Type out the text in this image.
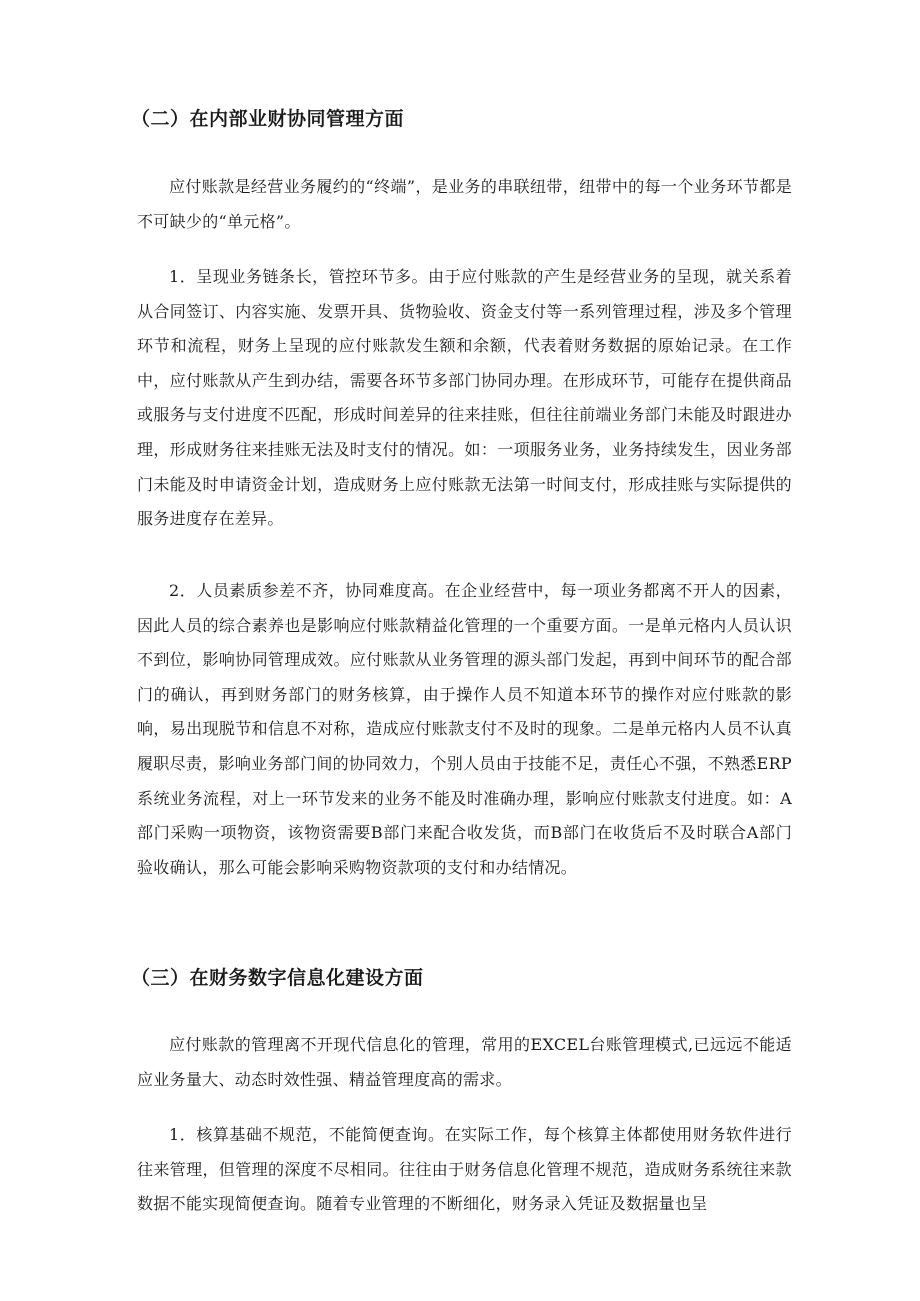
（二）在内部业财协同管理方面

应付账款是经营业务履约的“终端”，是业务的串联纽带，纽带中的每一个业务环节都是不可缺少的“单元格”。

1．呈现业务链条长，管控环节多。由于应付账款的产生是经营业务的呈现，就关系着从合同签订、内容实施、发票开具、货物验收、资金支付等一系列管理过程，涉及多个管理环节和流程，财务上呈现的应付账款发生额和余额，代表着财务数据的原始记录。在工作中，应付账款从产生到办结，需要各环节多部门协同办理。在形成环节，可能存在提供商品或服务与支付进度不匹配，形成时间差异的往来挂账，但往往前端业务部门未能及时跟进办理，形成财务往来挂账无法及时支付的情况。如：一项服务业务，业务持续发生，因业务部门未能及时申请资金计划，造成财务上应付账款无法第一时间支付，形成挂账与实际提供的服务进度存在差异。

2．人员素质参差不齐，协同难度高。在企业经营中，每一项业务都离不开人的因素，因此人员的综合素养也是影响应付账款精益化管理的一个重要方面。一是单元格内人员认识不到位，影响协同管理成效。应付账款从业务管理的源头部门发起，再到中间环节的配合部门的确认，再到财务部门的财务核算，由于操作人员不知道本环节的操作对应付账款的影响，易出现脱节和信息不对称，造成应付账款支付不及时的现象。二是单元格内人员不认真履职尽责，影响业务部门间的协同效力，个别人员由于技能不足，责任心不强，不熟悉ERP系统业务流程，对上一环节发来的业务不能及时准确办理，影响应付账款支付进度。如：A部门采购一项物资，该物资需要B部门来配合收发货，而B部门在收货后不及时联合A部门验收确认，那么可能会影响采购物资款项的支付和办结情况。

（三）在财务数字信息化建设方面

应付账款的管理离不开现代信息化的管理，常用的EXCEL台账管理模式,已远远不能适应业务量大、动态时效性强、精益管理度高的需求。

1．核算基础不规范，不能简便查询。在实际工作，每个核算主体都使用财务软件进行往来管理，但管理的深度不尽相同。往往由于财务信息化管理不规范，造成财务系统往来款数据不能实现简便查询。随着专业管理的不断细化，财务录入凭证及数据量也呈
